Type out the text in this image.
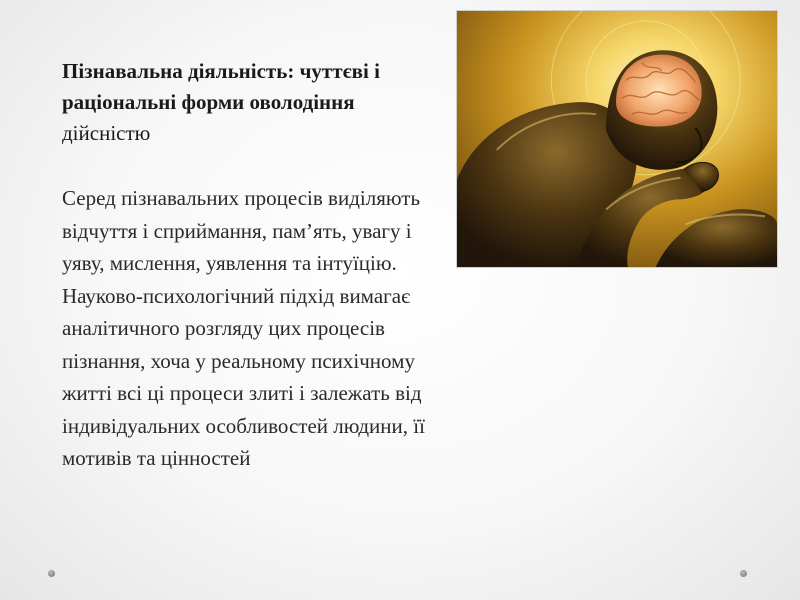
Пізнавальна діяльність: чуттєві і раціональні форми оволодіння дійсністю

Серед пізнавальних процесів виділяють відчуття і сприймання, пам’ять, увагу і уяву, мислення, уявлення та інтуїцію. Науково-психологічний підхід вимагає аналітичного розгляду цих процесів пізнання, хоча у реальному психічному житті всі ці процеси злиті і залежать від індивідуальних особливостей людини, її мотивів та цінностей
